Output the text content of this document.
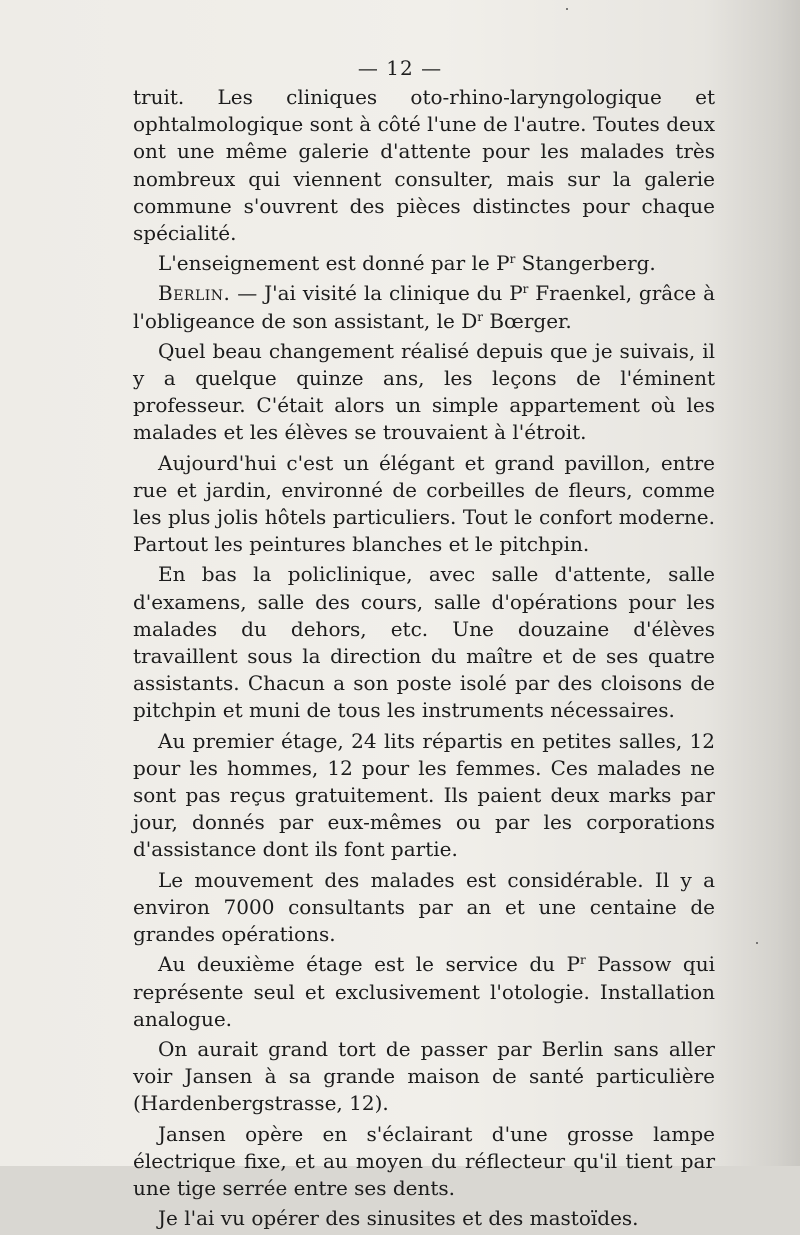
— 12 —

truit. Les cliniques oto-rhino-laryngologique et ophtalmologique sont à côté l'une de l'autre. Toutes deux ont une même galerie d'attente pour les malades très nombreux qui viennent consulter, mais sur la galerie commune s'ouvrent des pièces distinctes pour chaque spécialité.

L'enseignement est donné par le $P^r$ Stangerberg.

Berlin. — J'ai visité la clinique du $P^r$ Fraenkel, grâce à l'obligeance de son assistant, le $D^r$ Bœrger.

Quel beau changement réalisé depuis que je suivais, il y a quelque quinze ans, les leçons de l'éminent professeur. C'était alors un simple appartement où les malades et les élèves se trouvaient à l'étroit.

Aujourd'hui c'est un élégant et grand pavillon, entre rue et jardin, environné de corbeilles de fleurs, comme les plus jolis hôtels particuliers. Tout le confort moderne. Partout les peintures blanches et le pitchpin.

En bas la policlinique, avec salle d'attente, salle d'examens, salle des cours, salle d'opérations pour les malades du dehors, etc. Une douzaine d'élèves travaillent sous la direction du maître et de ses quatre assistants. Chacun a son poste isolé par des cloisons de pitchpin et muni de tous les instruments nécessaires.

Au premier étage, 24 lits répartis en petites salles, 12 pour les hommes, 12 pour les femmes. Ces malades ne sont pas reçus gratuitement. Ils paient deux marks par jour, donnés par eux-mêmes ou par les corporations d'assistance dont ils font partie.

Le mouvement des malades est considérable. Il y a environ 7000 consultants par an et une centaine de grandes opérations.

Au deuxième étage est le service du $P^r$ Passow qui représente seul et exclusivement l'otologie. Installation analogue.

On aurait grand tort de passer par Berlin sans aller voir Jansen à sa grande maison de santé particulière (Hardenbergstrasse, 12).

Jansen opère en s'éclairant d'une grosse lampe électrique fixe, et au moyen du réflecteur qu'il tient par une tige serrée entre ses dents.

Je l'ai vu opérer des sinusites et des mastoïdes.
